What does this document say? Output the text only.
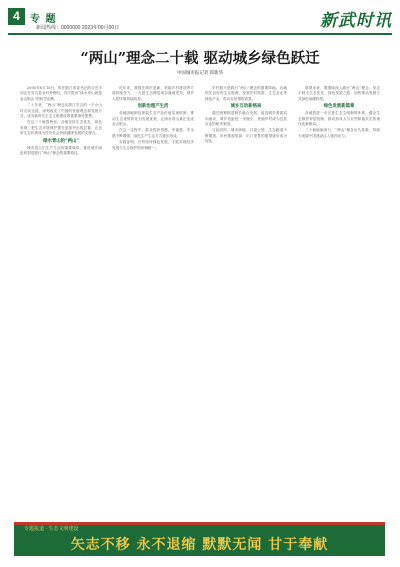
4	专 题
新闻热线：0000000 2023年00月00日	新武时讯
“两山”理念二十载 驱动城乡绿色跃迁
中国城市报记者 郑新华

2005年8月15日，时任浙江省委书记的习近平同志在安吉县余村考察时，首次提出“绿水青山就是金山银山”的科学论断。

二十年来，“两山”理念从浙江安吉的一个小山村走向全国，深刻改变了中国的发展观念和发展方式，成为新时代生态文明建设的重要指导思想。

在这二十载春秋里，各地坚持生态优先、绿色发展，把生态环境保护摆在更加突出的位置，让良好生态环境成为经济社会持续健康发展的支撑点。

绿水青山的“两山”

城市是人们生产生活的重要载体，推进城乡绿色转型是践行“两山”理念的重要路径。

近年来，我国在城市更新、美丽乡村建设等方面持续发力，一大批生态修复项目落地见效，城乡人居环境持续改善。

创新治理产生活

各地因地制宜探索生态产品价值实现机制，推动生态优势转化为发展优势，让绿水青山真正变成金山银山。

在这一过程中，群众的获得感、幸福感、安全感不断增强，绿色生产生活方式逐步形成。

实践证明，只有坚持绿色发展，才能实现经济发展与生态保护的协调统一。

乡村振兴是践行“两山”理念的重要阵地。各地依托良好的生态资源，发展乡村旅游、生态农业等绿色产业，带动农民增收致富。

城乡互动新格局

通过统筹推进城乡融合发展，促进城乡要素双向流动，城乡差距进一步缩小，美丽乡村成为宜居宜业的和美家园。

与此同时，城市绿地、口袋公园、生态廊道不断增加，市民推窗见绿、出门见景的愿望逐步成为现实。

展望未来，要继续深入践行“两山”理念，坚定不移走生态优先、绿色发展之路，加快推动发展方式绿色低碳转型。

绿色发展新篇章

各地将进一步完善生态文明制度体系，健全生态保护补偿机制，推动形成人与自然和谐共生的现代化新格局。

二十载砥砺前行，“两山”理念历久弥新，持续为美丽中国建设注入强劲动力。

专题报道 · 生态文明建设
矢志不移 永不退缩 默默无闻 甘于奉献
